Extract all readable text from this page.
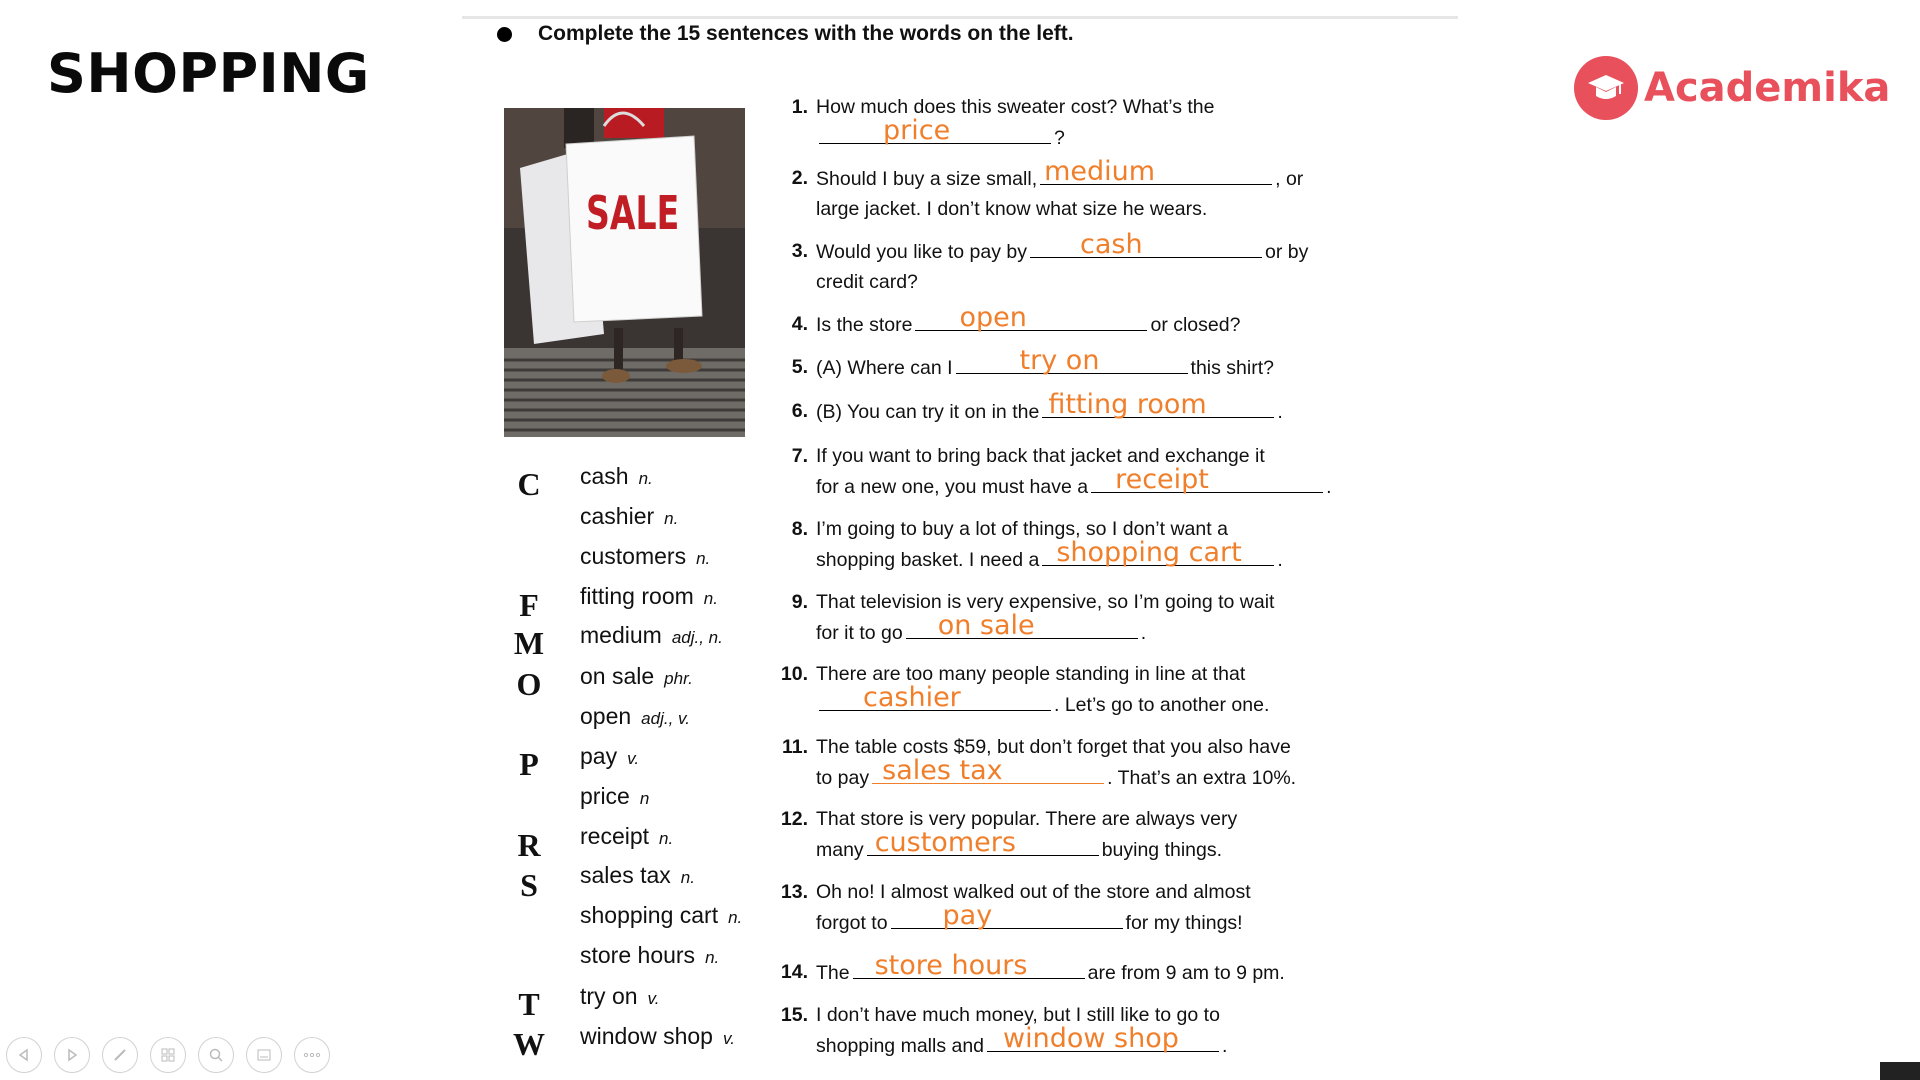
SHOPPING	Academika
Complete the 15 sentences with the words on the left.
SALE
C
F
M
O
P
R
S
T
W
cash n.
cashier n.
customers n.
fitting room n.
medium adj., n.
on sale phr.
open adj., v.
pay v.
price n
receipt n.
sales tax n.
shopping cart n.
store hours n.
try on v.
window shop v.
1. How much does this sweater cost? What’s the
price	?
2. Should I buy a size small, medium	, or
large jacket. I don’t know what size he wears.
3. Would you like to pay by cash	or by
credit card?
4. Is the store open	or closed?
5. (A) Where can I try on	this shirt?
6. (B) You can try it on in the fitting room	.
7. If you want to bring back that jacket and exchange it
for a new one, you must have a receipt	.
8. I’m going to buy a lot of things, so I don’t want a
shopping basket. I need a shopping cart .
9. That television is very expensive, so I’m going to wait
for it to go on sale	.
10. There are too many people standing in line at that
cashier	. Let’s go to another one.
11. The table costs $59, but don’t forget that you also have
to pay sales tax	. That’s an extra 10%.
12. That store is very popular. There are always very
many customers	buying things.
13. Oh no! I almost walked out of the store and almost
forgot to pay	for my things!
14. The store hours	are from 9 am to 9 pm.
15. I don’t have much money, but I still like to go to
shopping malls and window shop .
